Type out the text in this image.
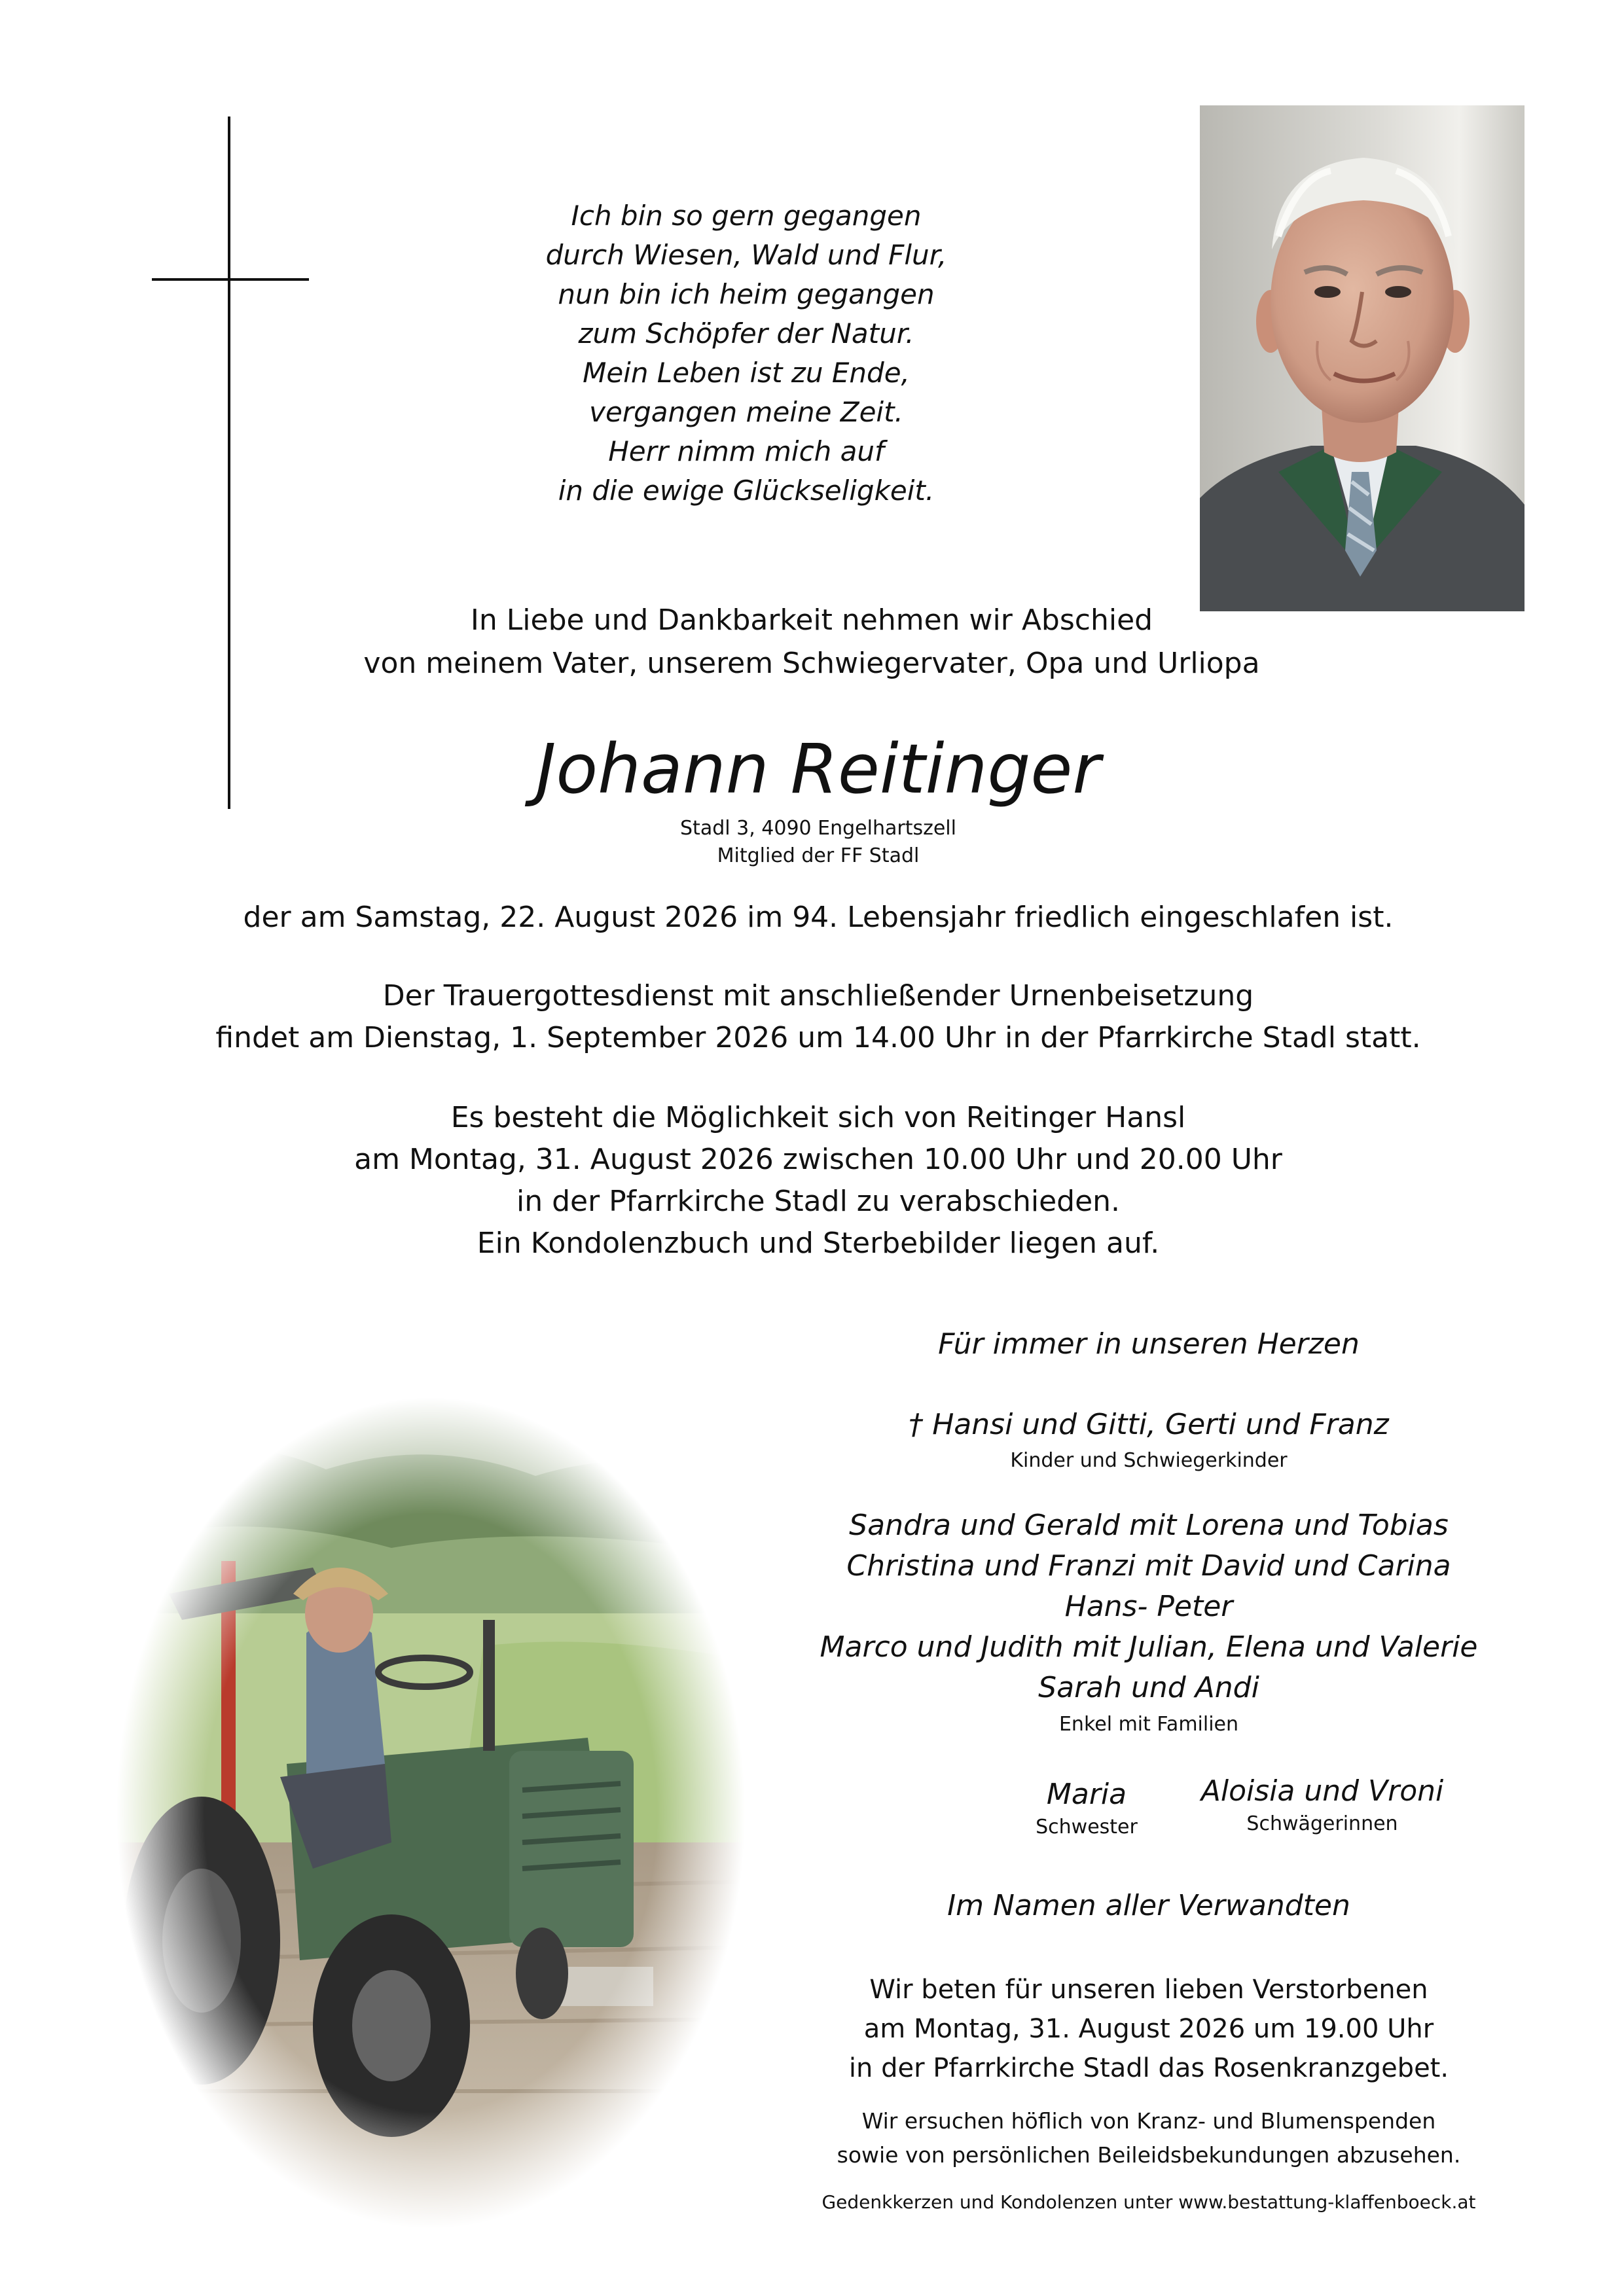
Ich bin so gern gegangen
durch Wiesen, Wald und Flur,
nun bin ich heim gegangen
zum Schöpfer der Natur.
Mein Leben ist zu Ende,
vergangen meine Zeit.
Herr nimm mich auf
in die ewige Glückseligkeit.
In Liebe und Dankbarkeit nehmen wir Abschied
von meinem Vater, unserem Schwiegervater, Opa und Urliopa
Johann Reitinger
Stadl 3, 4090 Engelhartszell
Mitglied der FF Stadl
der am Samstag, 22. August 2026 im 94. Lebensjahr friedlich eingeschlafen ist.
Der Trauergottesdienst mit anschließender Urnenbeisetzung
findet am Dienstag, 1. September 2026 um 14.00 Uhr in der Pfarrkirche Stadl statt.
Es besteht die Möglichkeit sich von Reitinger Hansl
am Montag, 31. August 2026 zwischen 10.00 Uhr und 20.00 Uhr
in der Pfarrkirche Stadl zu verabschieden.
Ein Kondolenzbuch und Sterbebilder liegen auf.
Für immer in unseren Herzen
† Hansi und Gitti, Gerti und Franz
Kinder und Schwiegerkinder
Sandra und Gerald mit Lorena und Tobias
Christina und Franzi mit David und Carina
Hans- Peter
Marco und Judith mit Julian, Elena und Valerie
Sarah und Andi
Enkel mit Familien
Maria
Schwester
Aloisia und Vroni
Schwägerinnen
Im Namen aller Verwandten
Wir beten für unseren lieben Verstorbenen
am Montag, 31. August 2026 um 19.00 Uhr
in der Pfarrkirche Stadl das Rosenkranzgebet.
Wir ersuchen höflich von Kranz- und Blumenspenden
sowie von persönlichen Beileidsbekundungen abzusehen.
Gedenkkerzen und Kondolenzen unter www.bestattung-klaffenboeck.at
